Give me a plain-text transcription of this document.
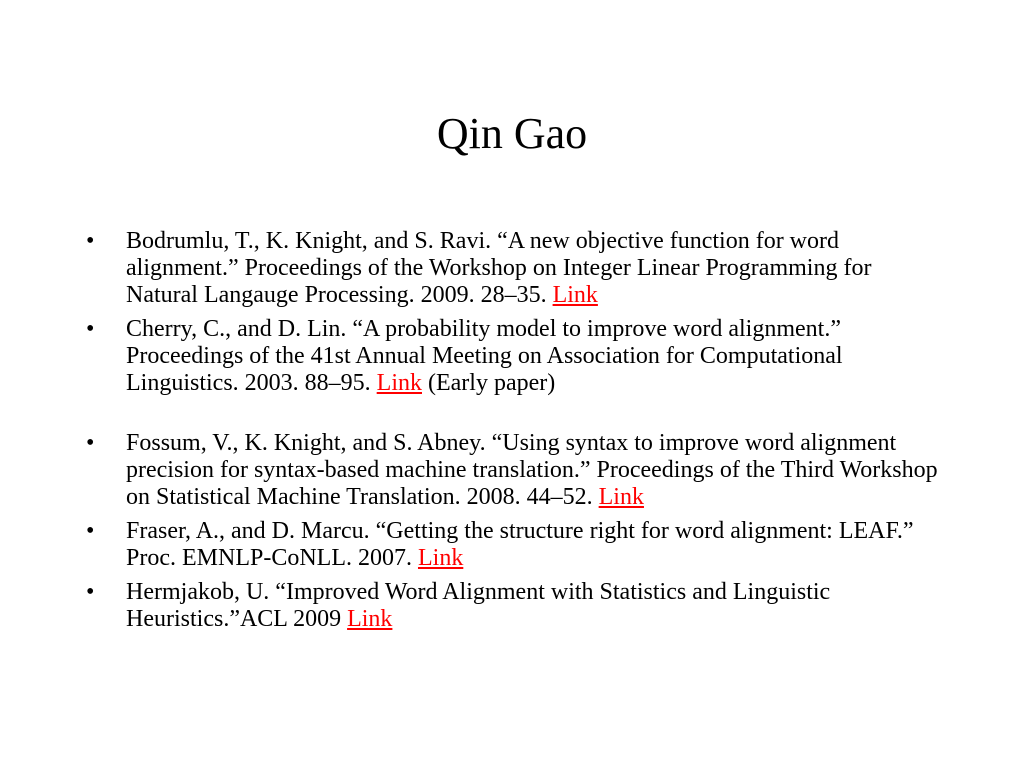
Qin Gao
•	Bodrumlu, T., K. Knight, and S. Ravi. “A new objective function for word alignment.” Proceedings of the Workshop on Integer Linear Programming for Natural Langauge Processing. 2009. 28–35. Link
•	Cherry, C., and D. Lin. “A probability model to improve word alignment.” Proceedings of the 41st Annual Meeting on Association for Computational Linguistics. 2003. 88–95. Link (Early paper)
•	Fossum, V., K. Knight, and S. Abney. “Using syntax to improve word alignment precision for syntax-based machine translation.” Proceedings of the Third Workshop on Statistical Machine Translation. 2008. 44–52. Link
•	Fraser, A., and D. Marcu. “Getting the structure right for word alignment: LEAF.” Proc. EMNLP-CoNLL. 2007. Link
•	Hermjakob, U. “Improved Word Alignment with Statistics and Linguistic Heuristics.”ACL 2009 Link
